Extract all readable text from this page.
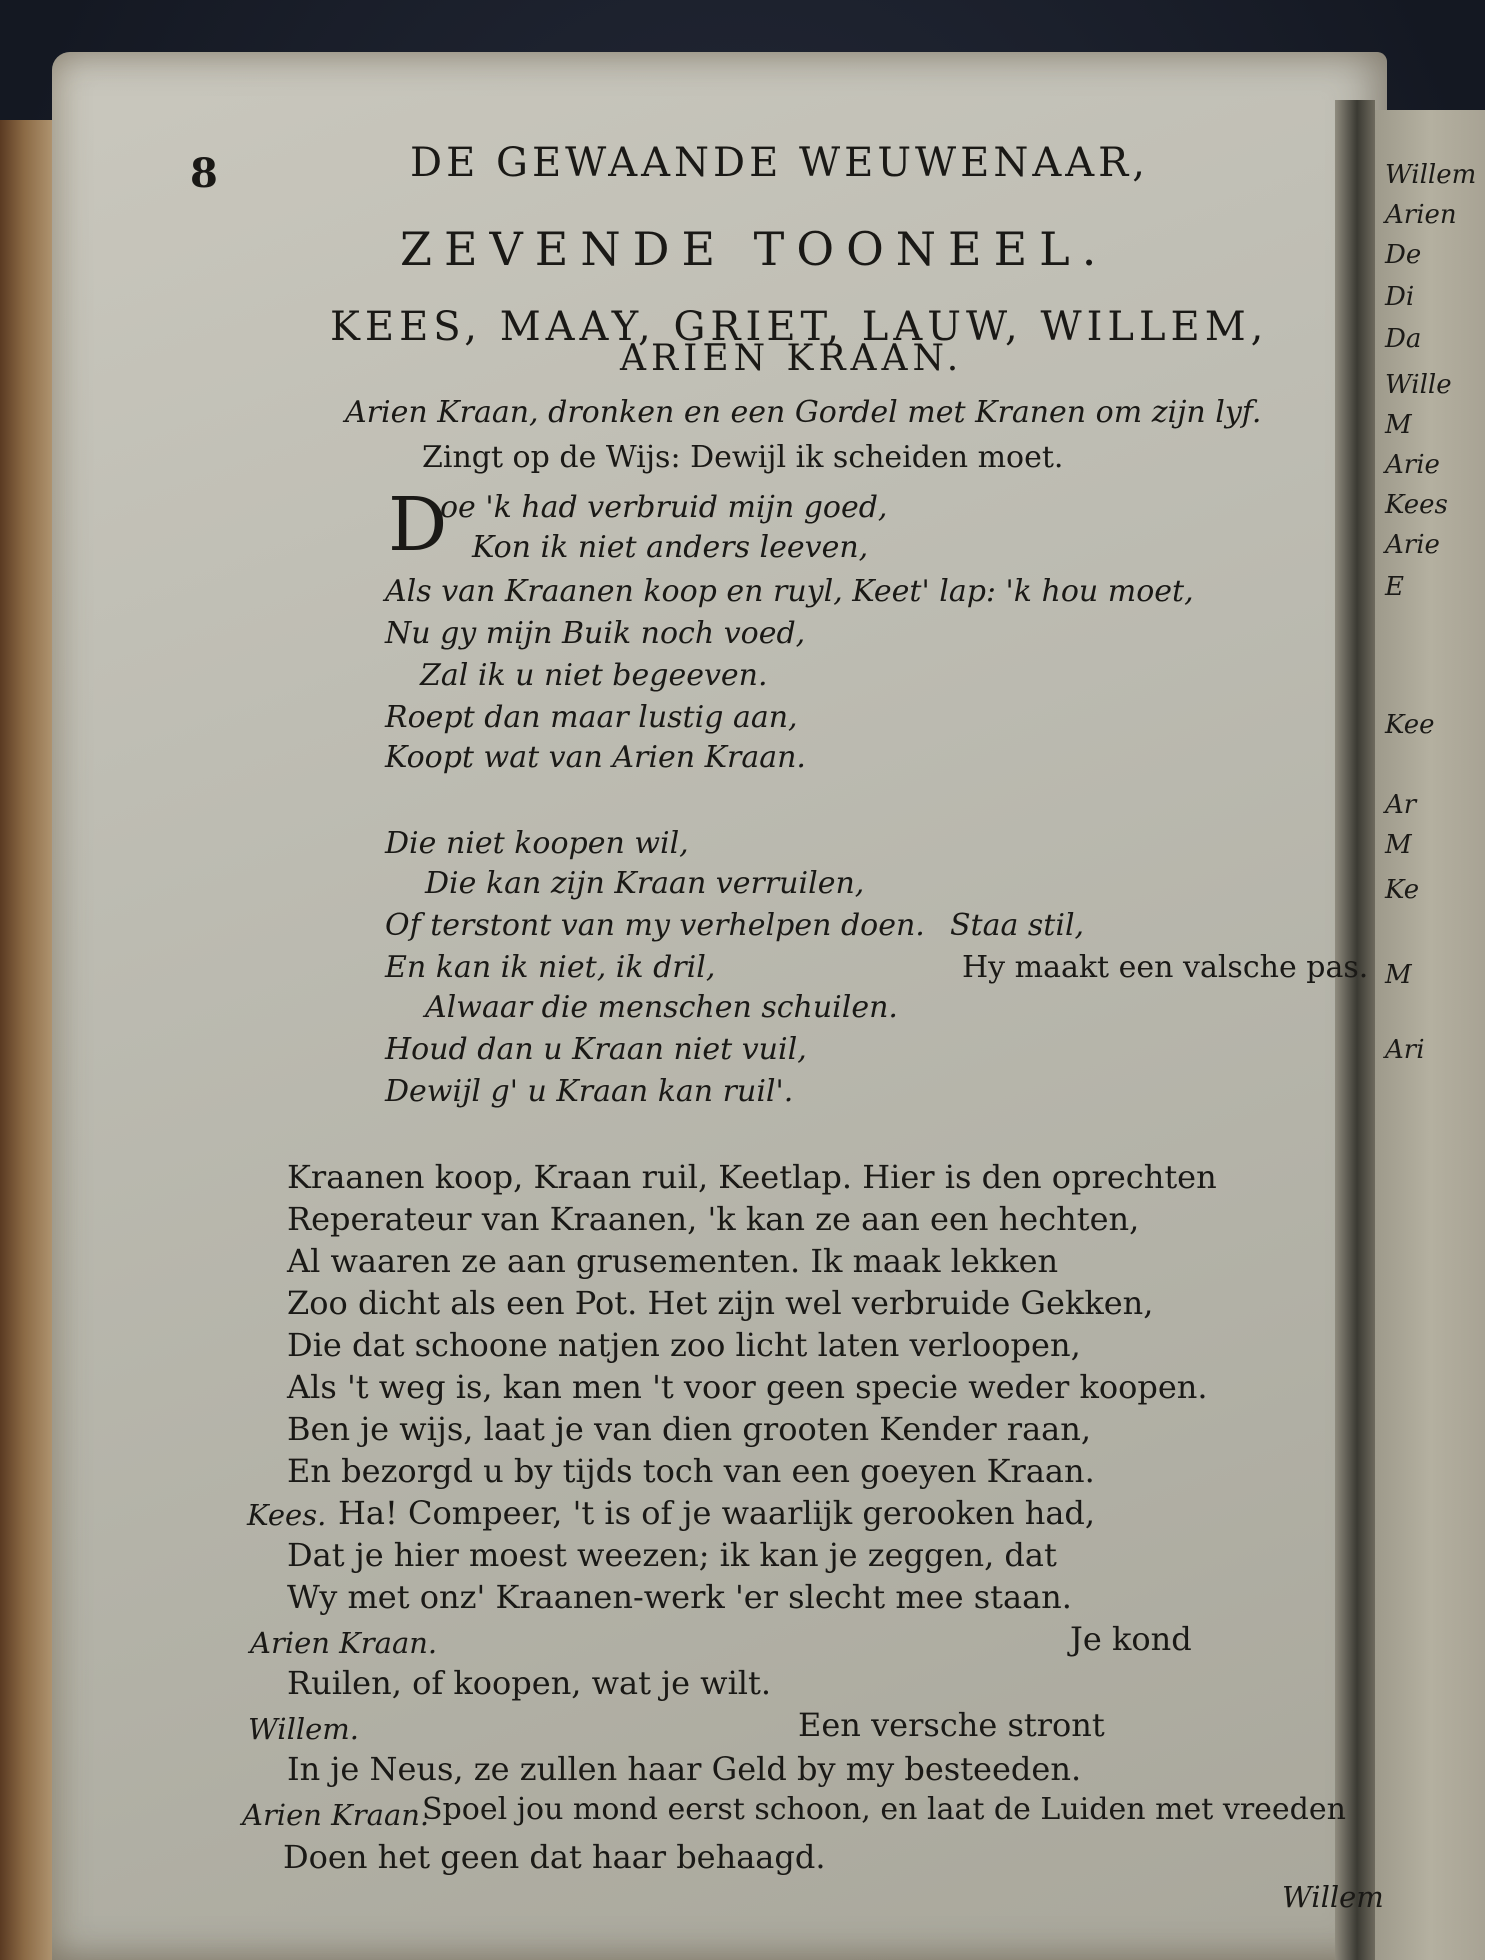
Willem
Arien
De
Di
Da
Wille
M
Arie
Kees
Arie
E
Kee
Ar
M
Ke
M
Ari
8	DE GEWAANDE WEUWENAAR,
ZEVENDE TOONEEL.
KEES, MAAY, GRIET, LAUW, WILLEM,
ARIEN KRAAN.
Arien Kraan, dronken en een Gordel met Kranen om zijn lyf.
Zingt op de Wijs: Dewijl ik scheiden moet.
D
oe 'k had verbruid mijn goed,
Kon ik niet anders leeven,
Als van Kraanen koop en ruyl, Keet' lap: 'k hou moet,
Nu gy mijn Buik noch voed,
Zal ik u niet begeeven.
Roept dan maar lustig aan,
Koopt wat van Arien Kraan.
Die niet koopen wil,
Die kan zijn Kraan verruilen,
Of terstont van my verhelpen doen. Staa stil,
En kan ik niet, ik dril,	Hy maakt een valsche pas.
Alwaar die menschen schuilen.
Houd dan u Kraan niet vuil,
Dewijl g' u Kraan kan ruil'.
Kraanen koop, Kraan ruil, Keetlap. Hier is den oprechten
Reperateur van Kraanen, 'k kan ze aan een hechten,
Al waaren ze aan grusementen. Ik maak lekken
Zoo dicht als een Pot. Het zijn wel verbruide Gekken,
Die dat schoone natjen zoo licht laten verloopen,
Als 't weg is, kan men 't voor geen specie weder koopen.
Ben je wijs, laat je van dien grooten Kender raan,
En bezorgd u by tijds toch van een goeyen Kraan.
Kees. Ha! Compeer, 't is of je waarlijk gerooken had,
Dat je hier moest weezen; ik kan je zeggen, dat
Wy met onz' Kraanen-werk 'er slecht mee staan.
Arien Kraan.	Je kond
Ruilen, of koopen, wat je wilt.
Willem.	Een versche stront
In je Neus, ze zullen haar Geld by my besteeden.
Arien Kraan.
Spoel jou mond eerst schoon, en laat de Luiden met vreeden
Doen het geen dat haar behaagd.
Willem
